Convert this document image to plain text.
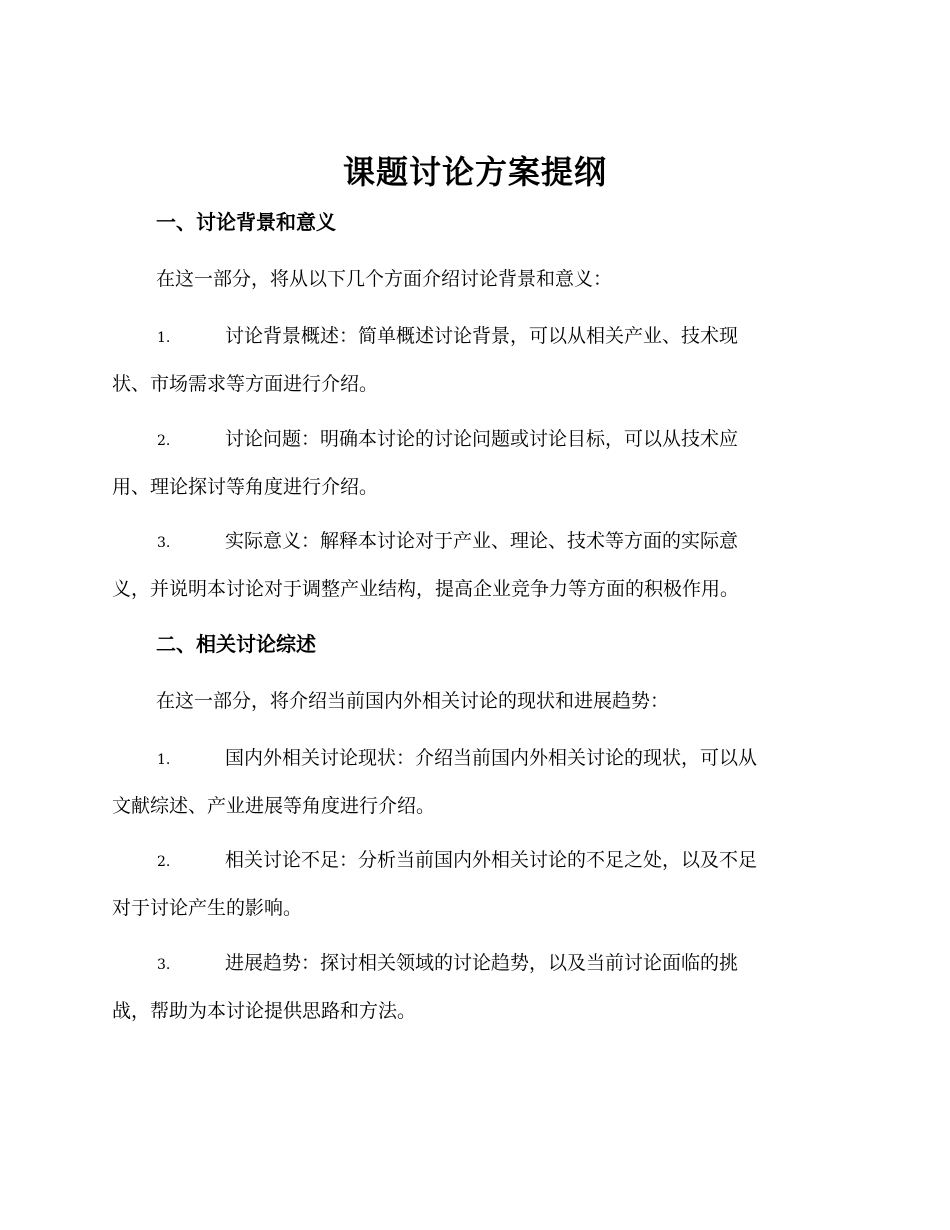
课题讨论方案提纲
一、讨论背景和意义
在这一部分，将从以下几个方面介绍讨论背景和意义：
1.	讨论背景概述：简单概述讨论背景，可以从相关产业、技术现
状、市场需求等方面进行介绍。
2.	讨论问题：明确本讨论的讨论问题或讨论目标，可以从技术应
用、理论探讨等角度进行介绍。
3.	实际意义：解释本讨论对于产业、理论、技术等方面的实际意
义，并说明本讨论对于调整产业结构，提高企业竞争力等方面的积极作用。
二、相关讨论综述
在这一部分，将介绍当前国内外相关讨论的现状和进展趋势：
1.	国内外相关讨论现状：介绍当前国内外相关讨论的现状，可以从
文献综述、产业进展等角度进行介绍。
2.	相关讨论不足：分析当前国内外相关讨论的不足之处，以及不足
对于讨论产生的影响。
3.	进展趋势：探讨相关领域的讨论趋势，以及当前讨论面临的挑
战，帮助为本讨论提供思路和方法。
